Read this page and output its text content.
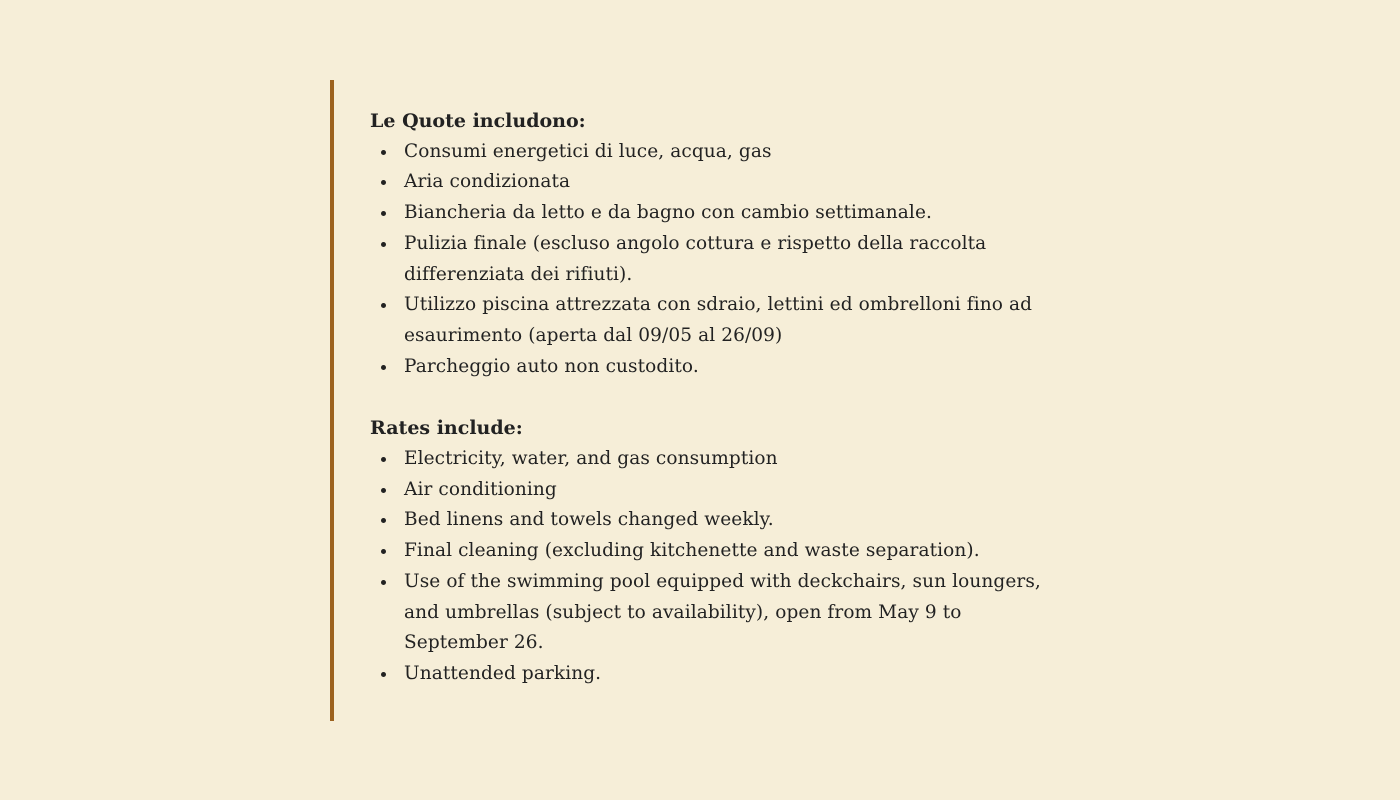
Le Quote includono:

Consumi energetici di luce, acqua, gas
Aria condizionata
Biancheria da letto e da bagno con cambio settimanale.
Pulizia finale (escluso angolo cottura e rispetto della raccolta differenziata dei rifiuti).
Utilizzo piscina attrezzata con sdraio, lettini ed ombrelloni fino ad esaurimento (aperta dal 09/05 al 26/09)
Parcheggio auto non custodito.

Rates include:

Electricity, water, and gas consumption
Air conditioning
Bed linens and towels changed weekly.
Final cleaning (excluding kitchenette and waste separation).
Use of the swimming pool equipped with deckchairs, sun loungers, and umbrellas (subject to availability), open from May 9 to September 26.
Unattended parking.
